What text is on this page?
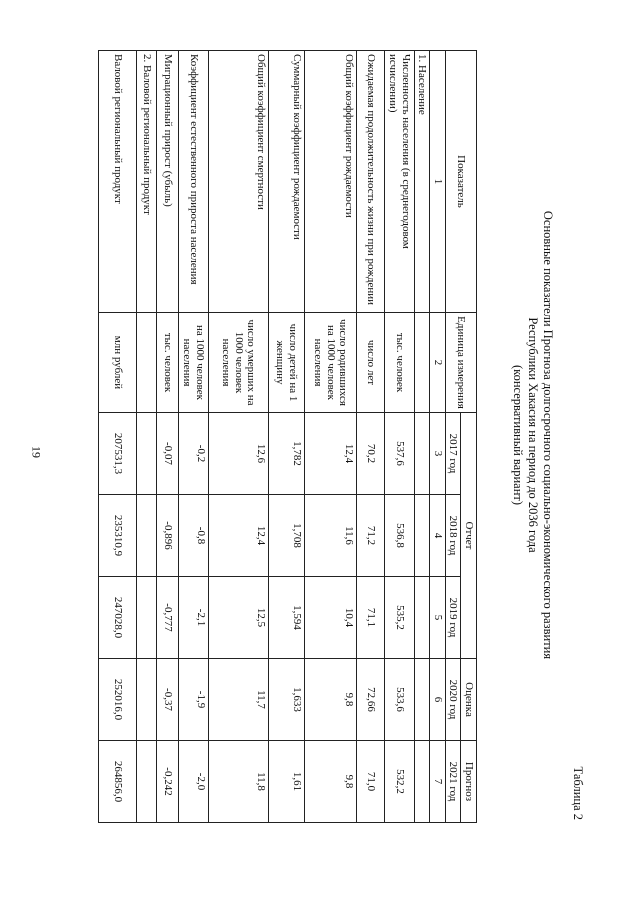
19
Таблица 2
Основные показатели Прогноза долгосрочного социально-экономического развития
Республики Хакасия на период до 2036 года
(консервативный вариант)
Показатель	Единица измерения	Отчет			Оценка	Прогноз
		2017 год	2018 год	2019 год	2020 год	2021 год
1	2	3	4	5	6	7
1. Население						
Численность населения (в среднегодовом исчислении)	тыс. человек	537,6	536,8	535,2	533,6	532,2
Ожидаемая продолжительность жизни при рождении	число лет	70,2	71,2	71,1	72,66	71,0
Общий коэффициент рождаемости	число родившихся на 1000 человек населения	12,4	11,6	10,4	9,8	9,8
Суммарный коэффициент рождаемости	число детей на 1 женщину	1,782	1,708	1,594	1,633	1,61
Общий коэффициент смертности	число умерших на 1000 человек населения	12,6	12,4	12,5	11,7	11,8
Коэффициент естественного прироста населения	на 1000 человек населения	-0,2	-0,8	-2,1	-1,9	-2,0
Миграционный прирост (убыль)	тыс. человек	-0,07	-0,896	-0,777	-0,37	-0,242
2. Валовой региональный продукт						
Валовой региональный продукт	млн рублей	207531,3	235310,9	247028,0	252016,0	264856,0
